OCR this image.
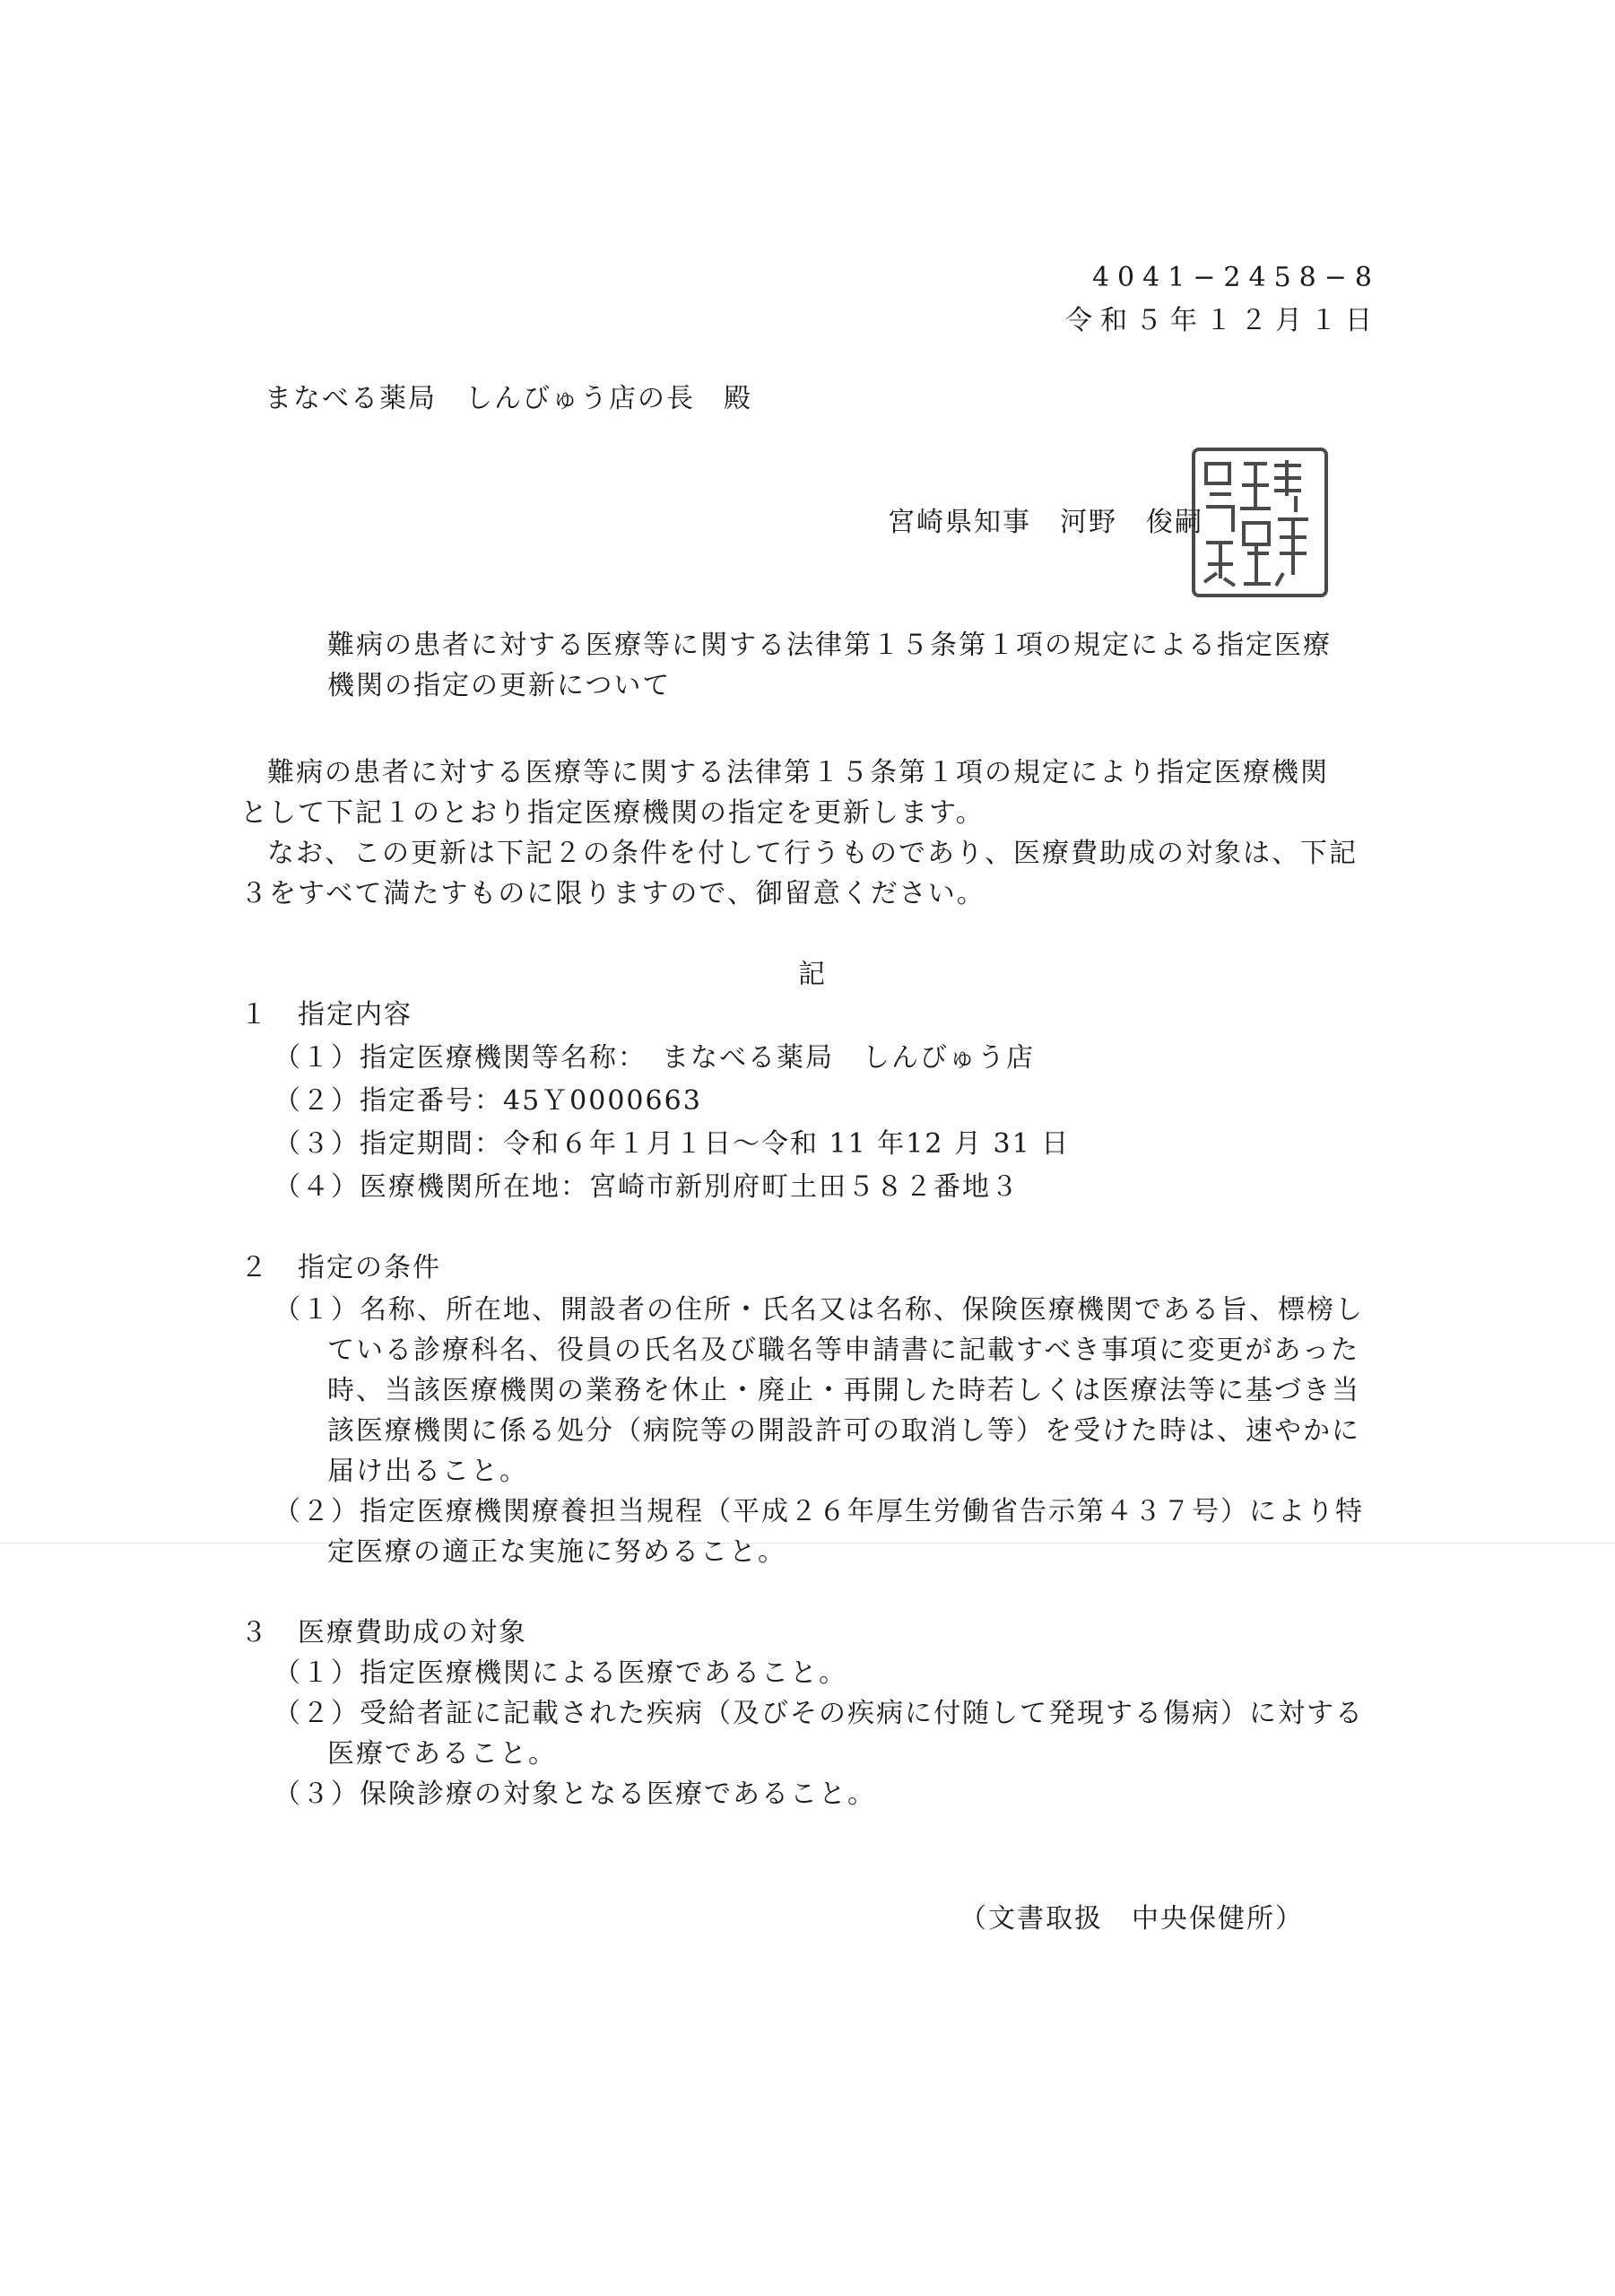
4041−2458−8
令和５年１２月１日
まなべる薬局　しんびゅう店の長　殿
宮崎県知事　河野　俊嗣
難病の患者に対する医療等に関する法律第１５条第１項の規定による指定医療
機関の指定の更新について
難病の患者に対する医療等に関する法律第１５条第１項の規定により指定医療機関
として下記１のとおり指定医療機関の指定を更新します。
なお、この更新は下記２の条件を付して行うものであり、医療費助成の対象は、下記
３をすべて満たすものに限りますので、御留意ください。
記
１　指定内容
（１）指定医療機関等名称：　まなべる薬局　しんびゅう店
（２）指定番号：45Ｙ0000663
（３）指定期間：令和６年１月１日～令和 11 年12 月 31 日
（４）医療機関所在地：宮崎市新別府町土田５８２番地３
２　指定の条件
（１）名称、所在地、開設者の住所・氏名又は名称、保険医療機関である旨、標榜し
ている診療科名、役員の氏名及び職名等申請書に記載すべき事項に変更があった
時、当該医療機関の業務を休止・廃止・再開した時若しくは医療法等に基づき当
該医療機関に係る処分（病院等の開設許可の取消し等）を受けた時は、速やかに
届け出ること。
（２）指定医療機関療養担当規程（平成２６年厚生労働省告示第４３７号）により特
定医療の適正な実施に努めること。
３　医療費助成の対象
（１）指定医療機関による医療であること。
（２）受給者証に記載された疾病（及びその疾病に付随して発現する傷病）に対する
医療であること。
（３）保険診療の対象となる医療であること。
（文書取扱　中央保健所）
